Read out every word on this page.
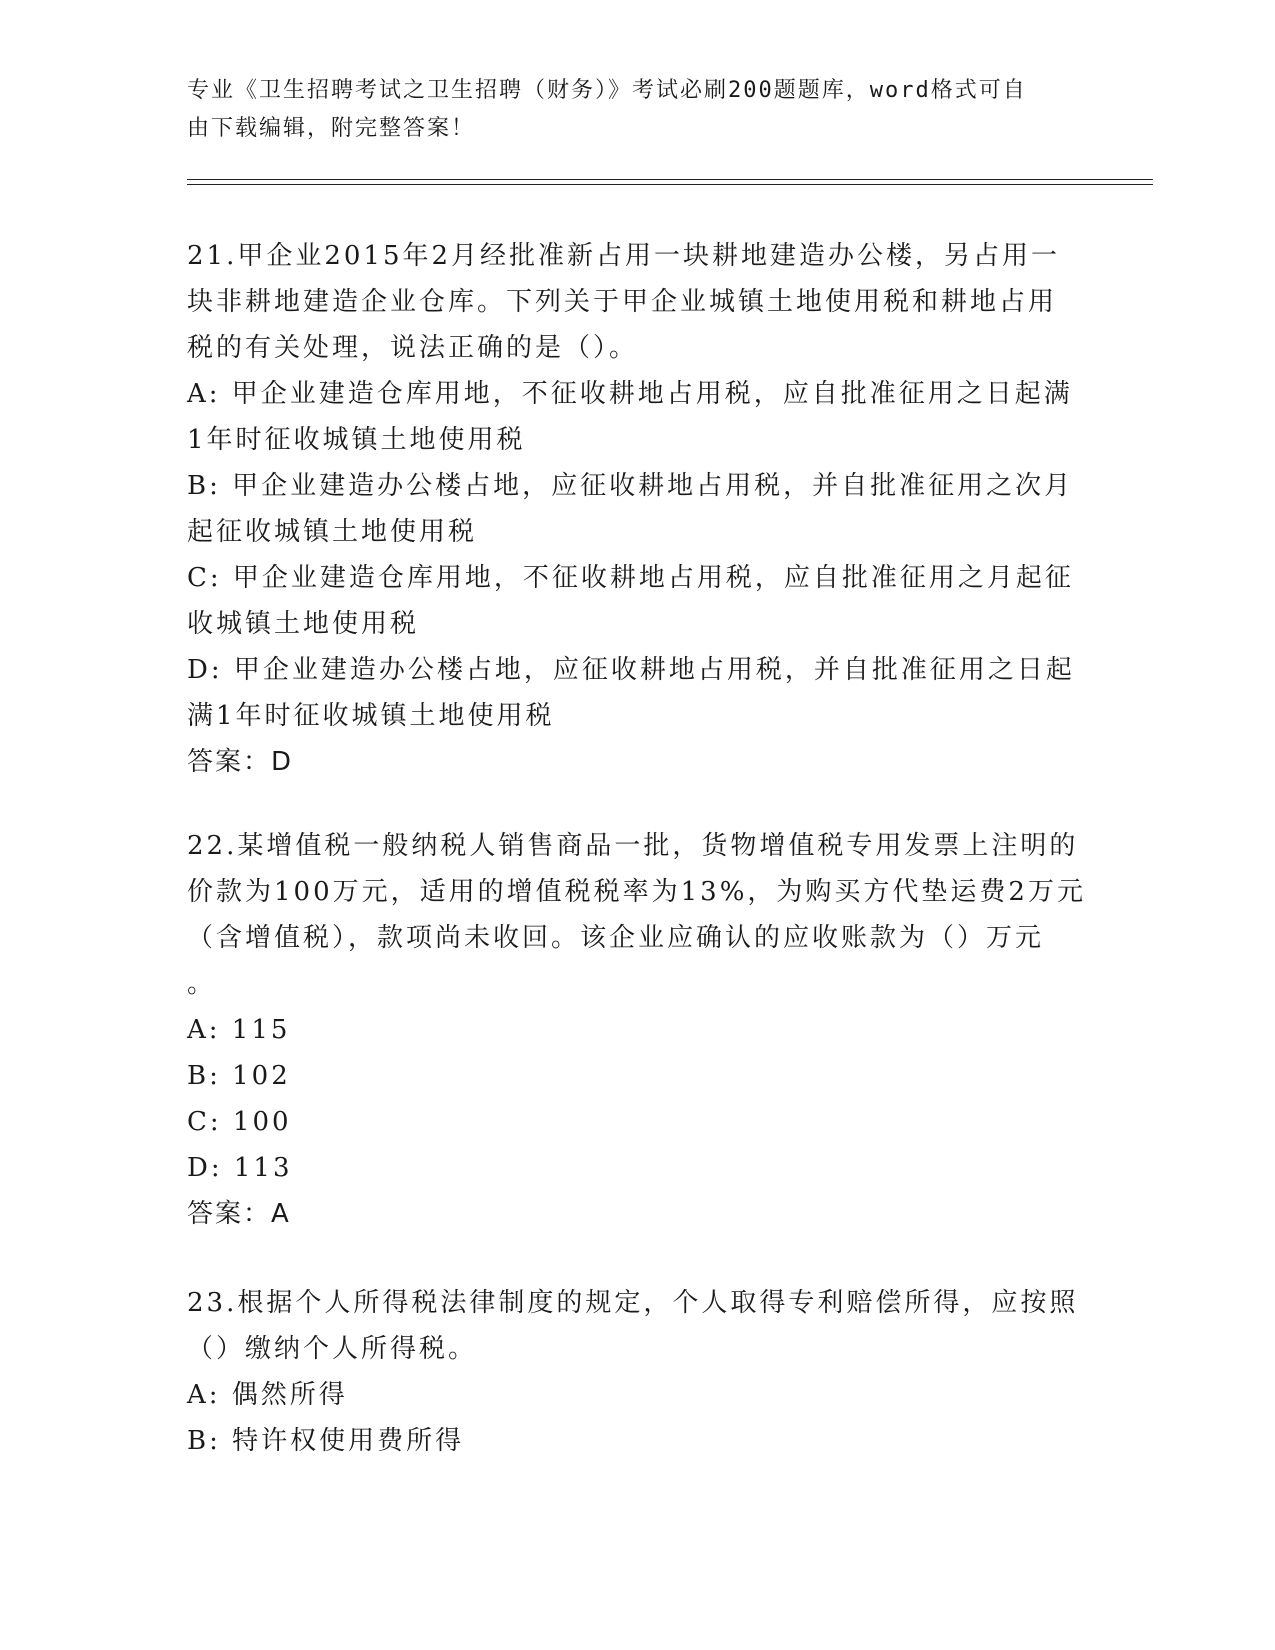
专业《卫生招聘考试之卫生招聘（财务）》考试必刷200题题库，word格式可自
由下载编辑，附完整答案！

21.甲企业2015年2月经批准新占用一块耕地建造办公楼，另占用一

块非耕地建造企业仓库。下列关于甲企业城镇土地使用税和耕地占用

税的有关处理，说法正确的是（）。

A: 甲企业建造仓库用地，不征收耕地占用税，应自批准征用之日起满

1年时征收城镇土地使用税

B: 甲企业建造办公楼占地，应征收耕地占用税，并自批准征用之次月

起征收城镇土地使用税

C: 甲企业建造仓库用地，不征收耕地占用税，应自批准征用之月起征

收城镇土地使用税

D: 甲企业建造办公楼占地，应征收耕地占用税，并自批准征用之日起

满1年时征收城镇土地使用税

答案：D

22.某增值税一般纳税人销售商品一批，货物增值税专用发票上注明的

价款为100万元，适用的增值税税率为13%，为购买方代垫运费2万元

（含增值税），款项尚未收回。该企业应确认的应收账款为（）万元

。

A: 115

B: 102

C: 100

D: 113

答案：A

23.根据个人所得税法律制度的规定，个人取得专利赔偿所得，应按照

（）缴纳个人所得税。

A: 偶然所得

B: 特许权使用费所得
